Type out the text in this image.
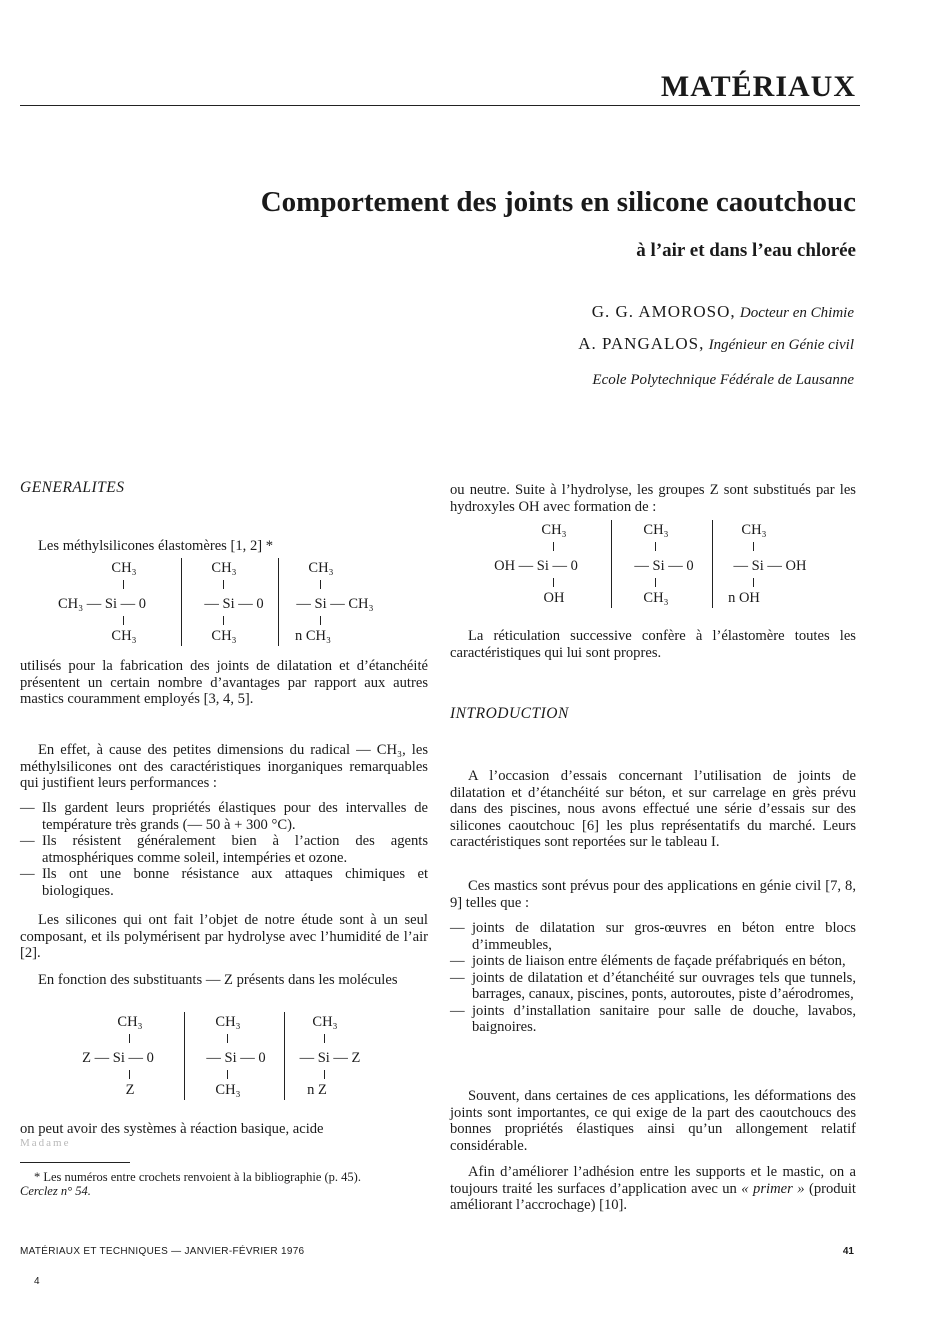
MATÉRIAUX
Comportement des joints en silicone caoutchouc
à l’air et dans l’eau chlorée
G. G. AMOROSO, Docteur en Chimie
A. PANGALOS, Ingénieur en Génie civil
Ecole Polytechnique Fédérale de Lausanne
GENERALITES
Les méthylsilicones élastomères [1, 2] *
CH₃
CH₃ — Si — 0
CH₃
CH₃
— Si — 0
CH₃
CH₃
— Si — CH₃
n CH₃
utilisés pour la fabrication des joints de dilatation et d’étanchéité présentent un certain nombre d’avantages par rapport aux autres mastics couramment employés [3, 4, 5].
En effet, à cause des petites dimensions du radical — CH₃, les méthylsilicones ont des caractéristiques inorganiques remarquables qui justifient leurs performances :
— Ils gardent leurs propriétés élastiques pour des intervalles de température très grands (— 50 à + 300 °C).
— Ils résistent généralement bien à l’action des agents atmosphériques comme soleil, intempéries et ozone.
— Ils ont une bonne résistance aux attaques chimiques et biologiques.
Les silicones qui ont fait l’objet de notre étude sont à un seul composant, et ils polymérisent par hydrolyse avec l’humidité de l’air [2].
En fonction des substituants — Z présents dans les molécules
CH₃
Z — Si — 0
Z
CH₃
— Si — 0
CH₃
CH₃
— Si — Z
n Z
on peut avoir des systèmes à réaction basique, acide
Madame
* Les numéros entre crochets renvoient à la bibliographie (p. 45).
Cerclez n° 54.
ou neutre. Suite à l’hydrolyse, les groupes Z sont substitués par les hydroxyles OH avec formation de :
CH₃
OH — Si — 0
OH
CH₃
— Si — 0
CH₃
CH₃
— Si — OH
n OH
La réticulation successive confère à l’élastomère toutes les caractéristiques qui lui sont propres.
INTRODUCTION
A l’occasion d’essais concernant l’utilisation de joints de dilatation et d’étanchéité sur béton, et sur carrelage en grès prévu dans des piscines, nous avons effectué une série d’essais sur des silicones caoutchouc [6] les plus représentatifs du marché. Leurs caractéristiques sont reportées sur le tableau I.
Ces mastics sont prévus pour des applications en génie civil [7, 8, 9] telles que :
— joints de dilatation sur gros-œuvres en béton entre blocs d’immeubles,
— joints de liaison entre éléments de façade préfabriqués en béton,
— joints de dilatation et d’étanchéité sur ouvrages tels que tunnels, barrages, canaux, piscines, ponts, autoroutes, piste d’aérodromes,
— joints d’installation sanitaire pour salle de douche, lavabos, baignoires.
Souvent, dans certaines de ces applications, les déformations des joints sont importantes, ce qui exige de la part des caoutchoucs des bonnes propriétés élastiques ainsi qu’un allongement relatif considérable.
Afin d’améliorer l’adhésion entre les supports et le mastic, on a toujours traité les surfaces d’application avec un « primer » (produit améliorant l’accrochage) [10].
MATÉRIAUX ET TECHNIQUES — JANVIER-FÉVRIER 1976	41
4
